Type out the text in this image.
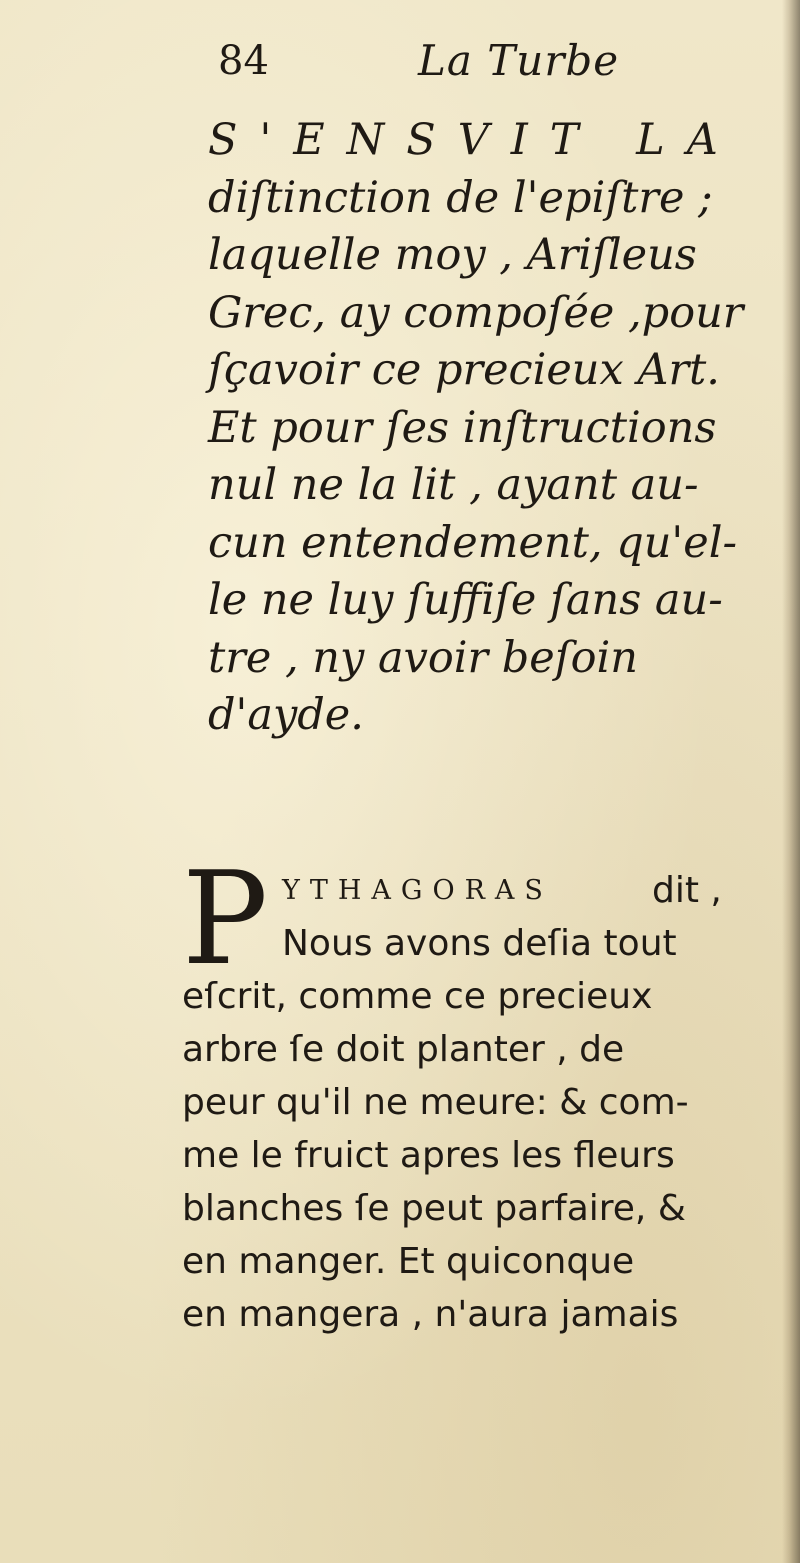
84	La Turbe
S'ENSVIT LA
diſtinction de l'epiſtre ;
laquelle moy , Ariſleus
Grec, ay compoſée ,pour
ſçavoir ce precieux Art.
Et pour ſes inſtructions
nul ne la lit , ayant au-
cun entendement, qu'el-
le ne luy ſuffiſe ſans au-
tre , ny avoir beſoin
d'ayde.
P YTHAGORAS	dit ,
Nous avons deſia tout
eſcrit, comme ce precieux
arbre ſe doit planter , de
peur qu'il ne meure: & com-
me le fruict apres les fleurs
blanches ſe peut parfaire, &
en manger. Et quiconque
en mangera , n'aura jamais
